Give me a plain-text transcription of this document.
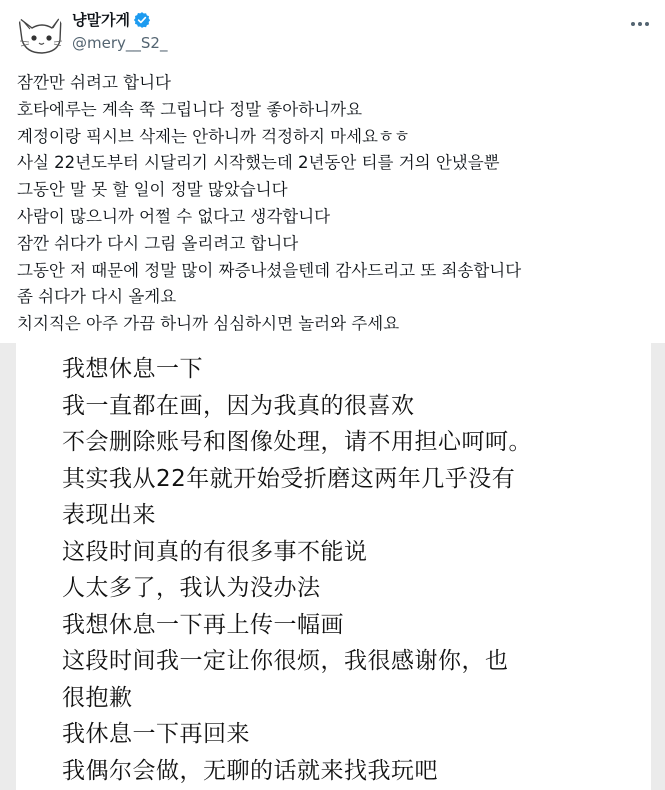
냥말가게
@mery__S2_
잠깐만 쉬려고 합니다
호타에루는 계속 쭉 그립니다 정말 좋아하니까요
계정이랑 픽시브 삭제는 안하니까 걱정하지 마세요ㅎㅎ
사실 22년도부터 시달리기 시작했는데 2년동안 티를 거의 안냈을뿐
그동안 말 못 할 일이 정말 많았습니다
사람이 많으니까 어쩔 수 없다고 생각합니다
잠깐 쉬다가 다시 그림 올리려고 합니다
그동안 저 때문에 정말 많이 짜증나셨을텐데 감사드리고 또 죄송합니다
좀 쉬다가 다시 올게요
치지직은 아주 가끔 하니까 심심하시면 놀러와 주세요
我想休息一下
我一直都在画，因为我真的很喜欢
不会删除账号和图像处理，请不用担心呵呵。
其实我从22年就开始受折磨这两年几乎没有
表现出来
这段时间真的有很多事不能说
人太多了，我认为没办法
我想休息一下再上传一幅画
这段时间我一定让你很烦，我很感谢你，也
很抱歉
我休息一下再回来
我偶尔会做，无聊的话就来找我玩吧
